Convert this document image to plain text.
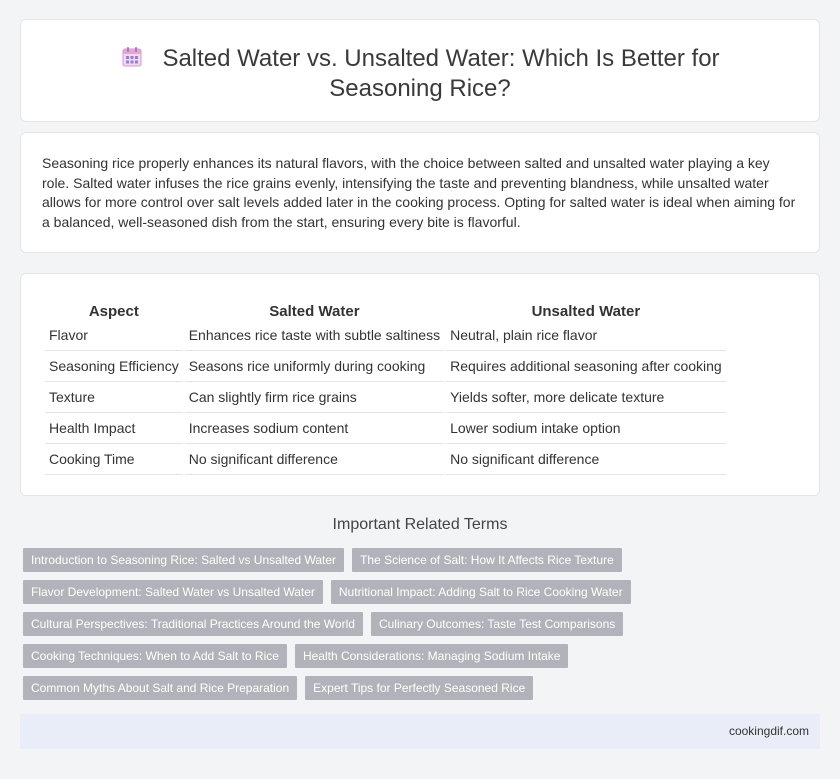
Salted Water vs. Unsalted Water: Which Is Better for Seasoning Rice?

Seasoning rice properly enhances its natural flavors, with the choice between salted and unsalted water playing a key role. Salted water infuses the rice grains evenly, intensifying the taste and preventing blandness, while unsalted water allows for more control over salt levels added later in the cooking process. Opting for salted water is ideal when aiming for a balanced, well-seasoned dish from the start, ensuring every bite is flavorful.

Aspect	Salted Water	Unsalted Water
Flavor	Enhances rice taste with subtle saltiness	Neutral, plain rice flavor
Seasoning Efficiency	Seasons rice uniformly during cooking	Requires additional seasoning after cooking
Texture	Can slightly firm rice grains	Yields softer, more delicate texture
Health Impact	Increases sodium content	Lower sodium intake option
Cooking Time	No significant difference	No significant difference
Important Related Terms
Introduction to Seasoning Rice: Salted vs Unsalted Water	The Science of Salt: How It Affects Rice Texture
Flavor Development: Salted Water vs Unsalted Water	Nutritional Impact: Adding Salt to Rice Cooking Water
Cultural Perspectives: Traditional Practices Around the World	Culinary Outcomes: Taste Test Comparisons
Cooking Techniques: When to Add Salt to Rice	Health Considerations: Managing Sodium Intake
Common Myths About Salt and Rice Preparation	Expert Tips for Perfectly Seasoned Rice
cookingdif.com
